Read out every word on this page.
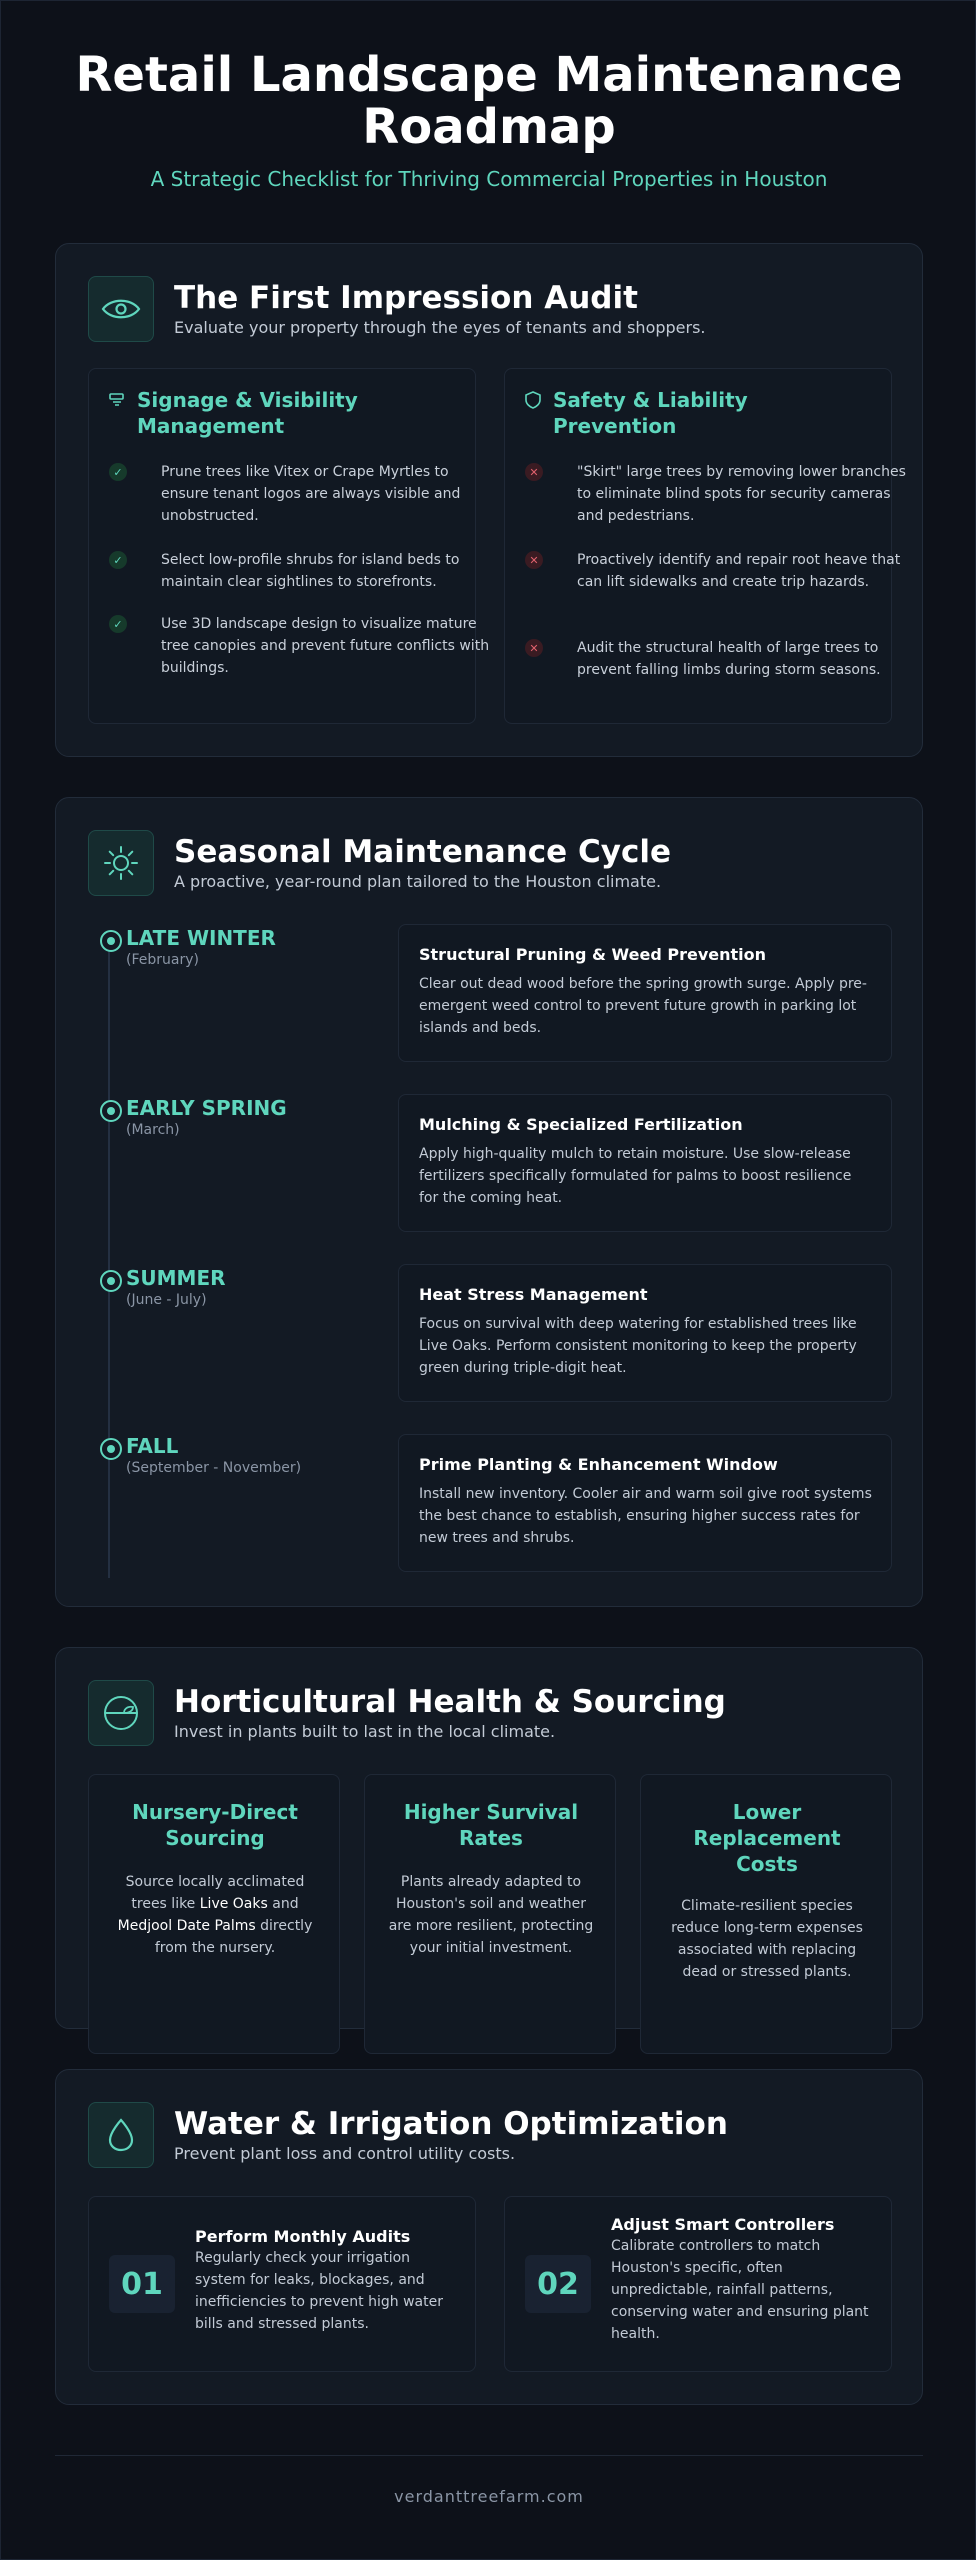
Retail Landscape Maintenance Roadmap
A Strategic Checklist for Thriving Commercial Properties in Houston
The First Impression Audit
Evaluate your property through the eyes of tenants and shoppers.
Signage & Visibility Management
✓	Prune trees like Vitex or Crape Myrtles to ensure tenant logos are always visible and unobstructed.
✓	Select low-profile shrubs for island beds to maintain clear sightlines to storefronts.
✓	Use 3D landscape design to visualize mature tree canopies and prevent future conflicts with buildings.
Safety & Liability Prevention
✕	"Skirt" large trees by removing lower branches to eliminate blind spots for security cameras and pedestrians.
✕	Proactively identify and repair root heave that can lift sidewalks and create trip hazards.
✕	Audit the structural health of large trees to prevent falling limbs during storm seasons.
Seasonal Maintenance Cycle
A proactive, year-round plan tailored to the Houston climate.
LATE WINTER
(February)	Structural Pruning & Weed Prevention
Clear out dead wood before the spring growth surge. Apply pre-emergent weed control to prevent future growth in parking lot islands and beds.
EARLY SPRING
(March)	Mulching & Specialized Fertilization
Apply high-quality mulch to retain moisture. Use slow-release fertilizers specifically formulated for palms to boost resilience for the coming heat.
SUMMER
(June - July)	Heat Stress Management
Focus on survival with deep watering for established trees like Live Oaks. Perform consistent monitoring to keep the property green during triple-digit heat.
FALL
(September - November)	Prime Planting & Enhancement Window
Install new inventory. Cooler air and warm soil give root systems the best chance to establish, ensuring higher success rates for new trees and shrubs.
Horticultural Health & Sourcing
Invest in plants built to last in the local climate.
Nursery-Direct Sourcing
Source locally acclimated trees like Live Oaks and Medjool Date Palms directly from the nursery.
Higher Survival Rates
Plants already adapted to Houston's soil and weather are more resilient, protecting your initial investment.
Lower Replacement Costs
Climate-resilient species reduce long-term expenses associated with replacing dead or stressed plants.
Water & Irrigation Optimization
Prevent plant loss and control utility costs.
01
Perform Monthly Audits
Regularly check your irrigation system for leaks, blockages, and inefficiencies to prevent high water bills and stressed plants.
02
Adjust Smart Controllers
Calibrate controllers to match Houston's specific, often unpredictable, rainfall patterns, conserving water and ensuring plant health.
verdanttreefarm.com
